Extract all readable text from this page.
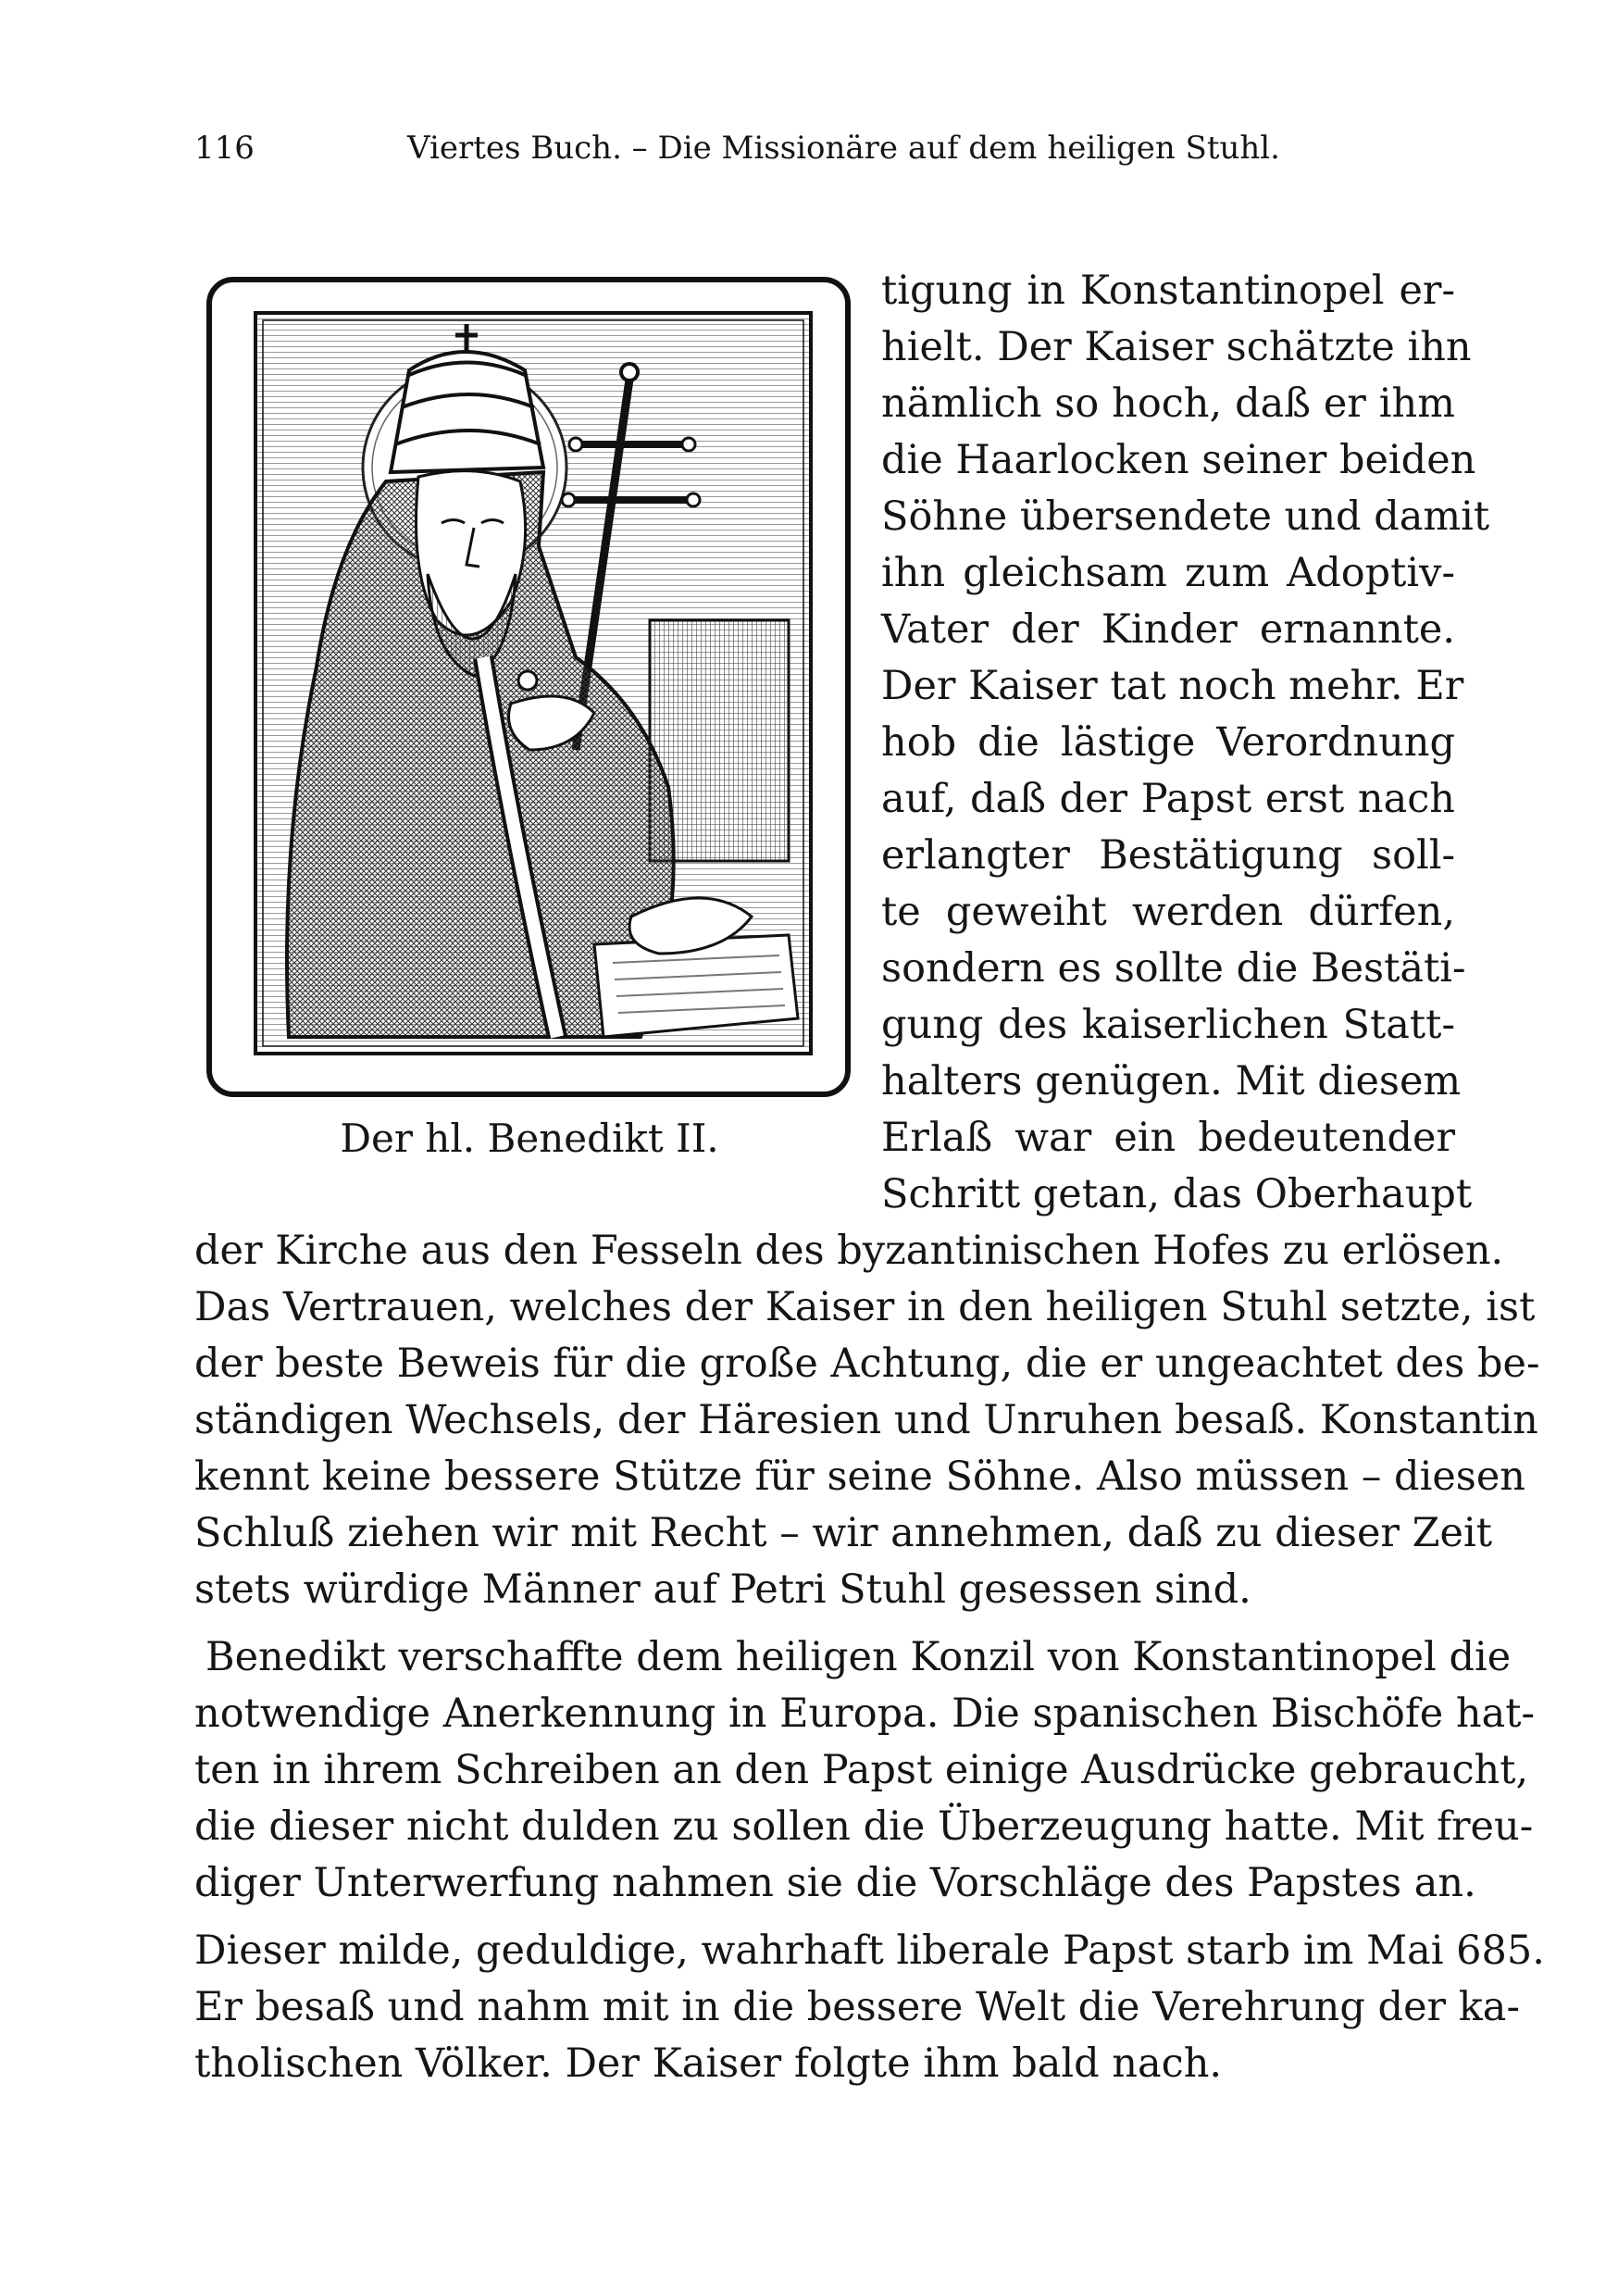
116	Viertes Buch. – Die Missionäre auf dem heiligen Stuhl.
Der hl. Benedikt II.
tigung in Konstantinopel er-
hielt. Der Kaiser schätzte ihn
nämlich so hoch, daß er ihm
die Haarlocken seiner beiden
Söhne übersendete und damit
ihn gleichsam zum Adoptiv-
Vater der Kinder ernannte.
Der Kaiser tat noch mehr. Er
hob die lästige Verordnung
auf, daß der Papst erst nach
erlangter Bestätigung soll-
te geweiht werden dürfen,
sondern es sollte die Bestäti-
gung des kaiserlichen Statt-
halters genügen. Mit diesem
Erlaß war ein bedeutender
Schritt getan, das Oberhaupt
der Kirche aus den Fesseln des byzantinischen Hofes zu erlösen.
Das Vertrauen, welches der Kaiser in den heiligen Stuhl setzte, ist
der beste Beweis für die große Achtung, die er ungeachtet des be-
ständigen Wechsels, der Häresien und Unruhen besaß. Konstantin
kennt keine bessere Stütze für seine Söhne. Also müssen – diesen
Schluß ziehen wir mit Recht – wir annehmen, daß zu dieser Zeit
stets würdige Männer auf Petri Stuhl gesessen sind.
Benedikt verschaffte dem heiligen Konzil von Konstantinopel die
notwendige Anerkennung in Europa. Die spanischen Bischöfe hat-
ten in ihrem Schreiben an den Papst einige Ausdrücke gebraucht,
die dieser nicht dulden zu sollen die Überzeugung hatte. Mit freu-
diger Unterwerfung nahmen sie die Vorschläge des Papstes an.
Dieser milde, geduldige, wahrhaft liberale Papst starb im Mai 685.
Er besaß und nahm mit in die bessere Welt die Verehrung der ka-
tholischen Völker. Der Kaiser folgte ihm bald nach.
